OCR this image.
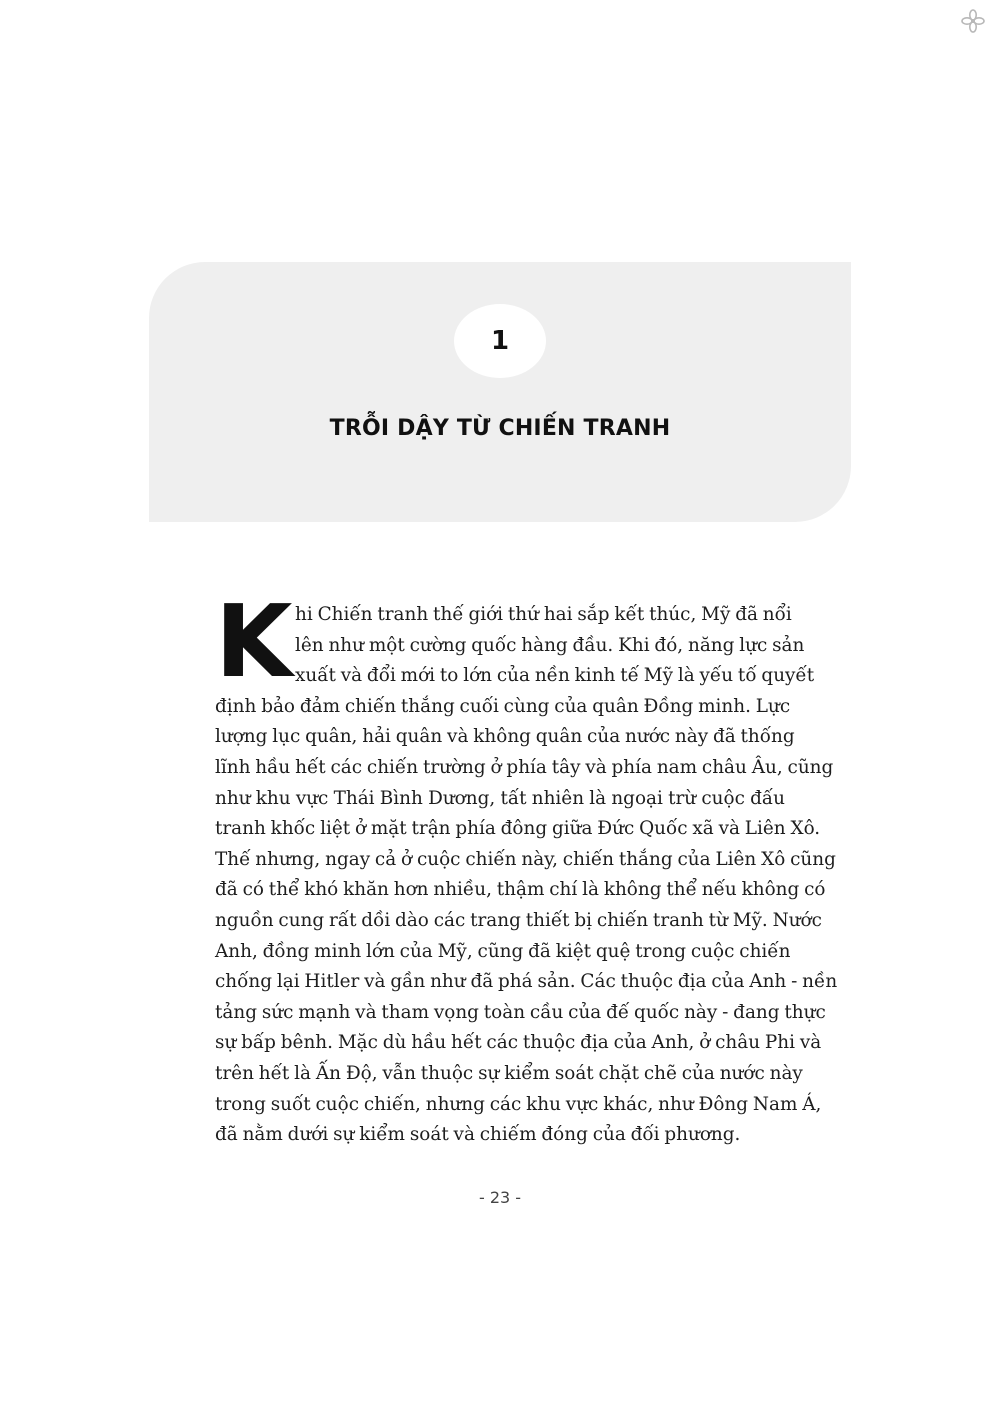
1
TRỖI DẬY TỪ CHIẾN TRANH
K hi Chiến tranh thế giới thứ hai sắp kết thúc, Mỹ đã nổi
lên như một cường quốc hàng đầu. Khi đó, năng lực sản
xuất và đổi mới to lớn của nền kinh tế Mỹ là yếu tố quyết
định bảo đảm chiến thắng cuối cùng của quân Đồng minh. Lực
lượng lục quân, hải quân và không quân của nước này đã thống
lĩnh hầu hết các chiến trường ở phía tây và phía nam châu Âu, cũng
như khu vực Thái Bình Dương, tất nhiên là ngoại trừ cuộc đấu
tranh khốc liệt ở mặt trận phía đông giữa Đức Quốc xã và Liên Xô.
Thế nhưng, ngay cả ở cuộc chiến này, chiến thắng của Liên Xô cũng
đã có thể khó khăn hơn nhiều, thậm chí là không thể nếu không có
nguồn cung rất dồi dào các trang thiết bị chiến tranh từ Mỹ. Nước
Anh, đồng minh lớn của Mỹ, cũng đã kiệt quệ trong cuộc chiến
chống lại Hitler và gần như đã phá sản. Các thuộc địa của Anh - nền
tảng sức mạnh và tham vọng toàn cầu của đế quốc này - đang thực
sự bấp bênh. Mặc dù hầu hết các thuộc địa của Anh, ở châu Phi và
trên hết là Ấn Độ, vẫn thuộc sự kiểm soát chặt chẽ của nước này
trong suốt cuộc chiến, nhưng các khu vực khác, như Đông Nam Á,
đã nằm dưới sự kiểm soát và chiếm đóng của đối phương.
- 23 -
